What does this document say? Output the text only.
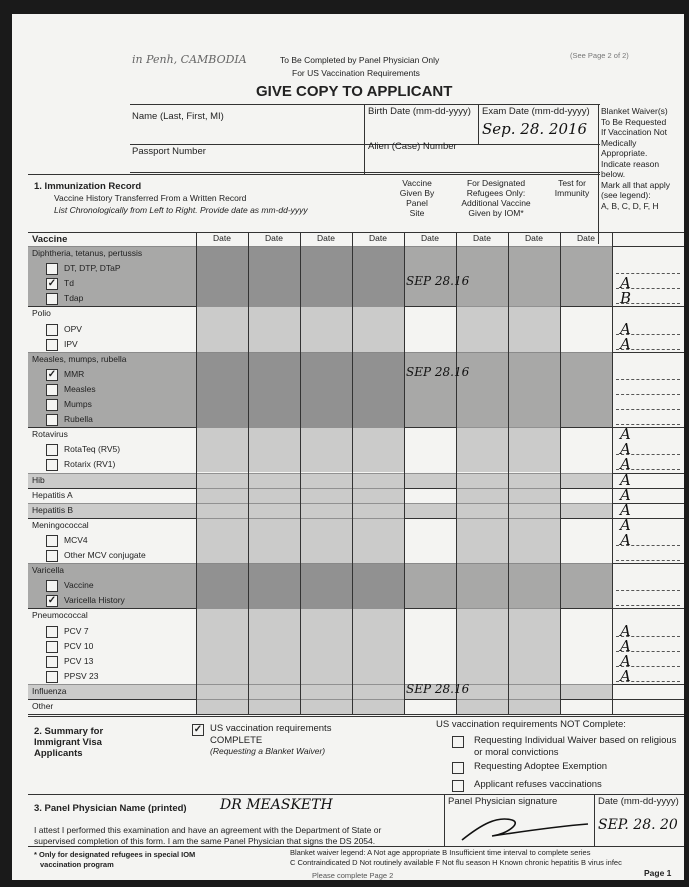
in Penh, CAMBODIA	To Be Completed by Panel Physician Only
For US Vaccination Requirements
(See Page 2 of 2)
GIVE COPY TO APPLICANT
Name (Last, First, MI)	Birth Date (mm-dd-yyyy) Exam Date (mm-dd-yyyy)
Sep. 28. 2016
Passport Number	Alien (Case) Number
Blanket Waiver(s)
To Be Requested
If Vaccination Not
Medically
Appropriate.
Indicate reason
below.
Mark all that apply
(see legend):
A, B, C, D, F, H
1. Immunization Record
Vaccine History Transferred From a Written Record
List Chronologically from Left to Right. Provide date as mm-dd-yyyy
Vaccine
Given By
Panel
Site
For Designated
Refugees Only:
Additional Vaccine
Given by IOM*
Test for
Immunity
Vaccine	Date	Date	Date	Date	Date	Date	Date	Date
Diphtheria, tetanus, pertussis
DT, DTP, DTaP
✓ Td	SEP 28.16	A
Tdap	B
Polio
OPV	A
IPV	A
Measles, mumps, rubella
✓ MMR	SEP 28.16
Measles
Mumps
Rubella
Rotavirus	A
RotaTeq (RV5)	A
Rotarix (RV1)	A
Hib	A
Hepatitis A	A
Hepatitis B	A
Meningococcal	A
MCV4	A
Other MCV conjugate
Varicella
Vaccine
✓ Varicella History
Pneumococcal
PCV 7	A
PCV 10	A
PCV 13	A
PPSV 23	A
Influenza	SEP 28.16
Other
2. Summary for
Immigrant Visa
Applicants
✓ US vaccination requirements
COMPLETE
(Requesting a Blanket Waiver)
US vaccination requirements NOT Complete:
Requesting Individual Waiver based on religious
or moral convictions
Requesting Adoptee Exemption
Applicant refuses vaccinations
3. Panel Physician Name (printed) DR MEASKETH	Panel Physician signature	Date (mm-dd-yyyy)
SEP. 28. 20
I attest I performed this examination and have an agreement with the Department of State or
supervised completion of this form. I am the same Panel Physician that signs the DS 2054.
* Only for designated refugees in special IOM
vaccination program
Blanket waiver legend: A Not age appropriate B Insufficient time interval to complete series
C Contraindicated D Not routinely available F Not flu season H Known chronic hepatitis B virus infec
Page 1
Please complete Page 2
